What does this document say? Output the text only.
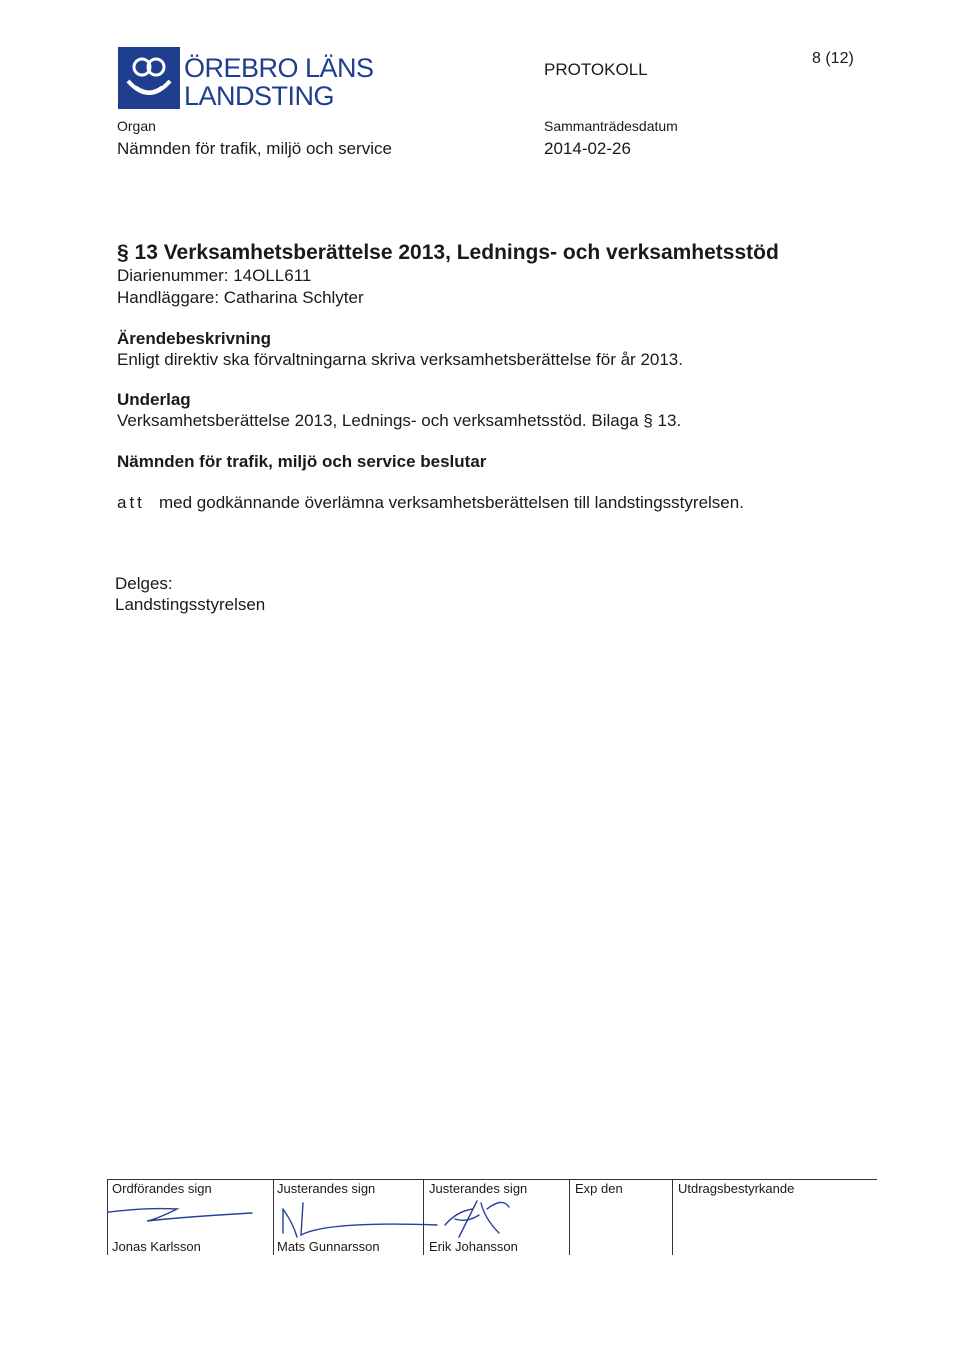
ÖREBRO LÄNS
LANDSTING
PROTOKOLL
8 (12)
Organ
Nämnden för trafik, miljö och service
Sammanträdesdatum
2014-02-26
§ 13 Verksamhetsberättelse 2013, Lednings- och verksamhetsstöd
Diarienummer: 14OLL611
Handläggare: Catharina Schlyter
Ärendebeskrivning
Enligt direktiv ska förvaltningarna skriva verksamhetsberättelse för år 2013.
Underlag
Verksamhetsberättelse 2013, Lednings- och verksamhetsstöd. Bilaga § 13.
Nämnden för trafik, miljö och service beslutar
att med godkännande överlämna verksamhetsberättelsen till landstingsstyrelsen.
Delges:
Landstingsstyrelsen
Ordförandes sign	Justerandes sign	Justerandes sign	Exp den	Utdragsbestyrkande
Jonas Karlsson	Mats Gunnarsson	Erik Johansson
